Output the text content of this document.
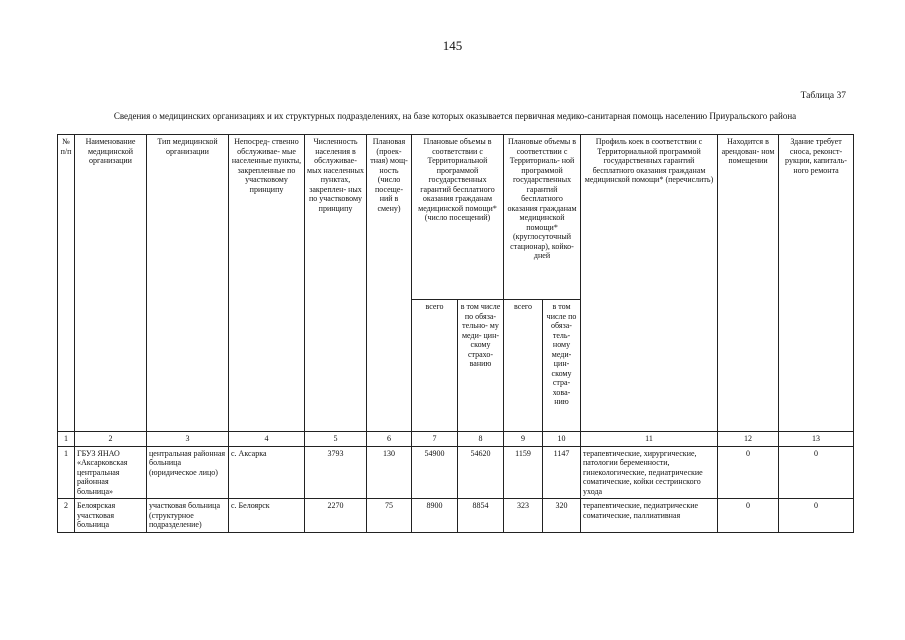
145
Таблица 37
Сведения о медицинских организациях и их структурных подразделениях, на базе которых оказывается первичная медико-санитарная помощь населению Приуральского района
№ п/п	Наименование медицинской организации	Тип медицинской организации	Непосред- ственно обслуживае- мые населенные пункты, закрепленные по участковому принципу	Численность населения в обслуживае- мых населенных пунктах, закреплен- ных по участковому принципу	Плановая (проек- тная) мощ- ность (число посеще- ний в смену)	Плановые объемы в соответствии с Территориальной программой государственных гарантий бесплатного оказания гражданам медицинской помощи* (число посещений)		Плановые объемы в соответствии с Территориаль- ной программой государственных гарантий бесплатного оказания гражданам медицинской помощи* (круглосуточный стационар), койко-дней		Профиль коек в соответствии с Территориальной программой государственных гарантий бесплатного оказания гражданам медицинской помощи* (перечислить)	Находится в арендован- ном помещении	Здание требует сноса, реконст- рукции, капиталь- ного ремонта
						всего	в том числе по обяза- тельно- му меди- цин- скому страхо- ванию	всего	в том числе по обяза- тель- ному меди- цин- скому стра- хова- нию			
1	2	3	4	5	6	7	8	9	10	11	12	13
1	ГБУЗ ЯНАО «Аксарковская центральная районная больница»	центральная районная больница (юридическое лицо)	с. Аксарка	3793	130	54900	54620	1159	1147	терапевтические, хирургические, патологии беременности, гинекологические, педиатрические соматические, койки сестринского ухода	0	0
2	Белоярская участковая больница	участковая больница (структурное подразделение)	с. Белоярск	2270	75	8900	8854	323	320	терапевтические, педиатрические соматические, паллиативная	0	0
